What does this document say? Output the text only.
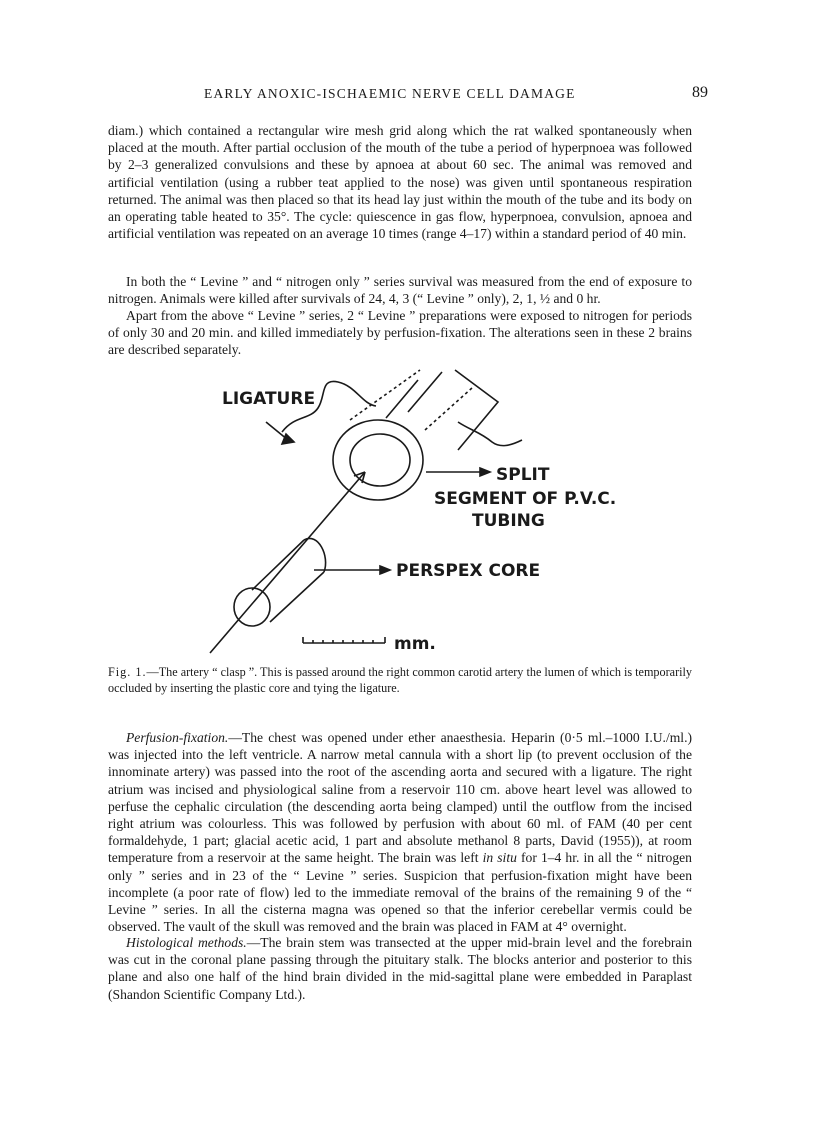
EARLY ANOXIC-ISCHAEMIC NERVE CELL DAMAGE	89

diam.) which contained a rectangular wire mesh grid along which the rat walked spontaneously when placed at the mouth. After partial occlusion of the mouth of the tube a period of hyperpnoea was followed by 2–3 generalized convulsions and these by apnoea at about 60 sec. The animal was removed and artificial ventilation (using a rubber teat applied to the nose) was given until spontaneous respiration returned. The animal was then placed so that its head lay just within the mouth of the tube and its body on an operating table heated to 35°. The cycle: quiescence in gas flow, hyperpnoea, convulsion, apnoea and artificial ventilation was repeated on an average 10 times (range 4–17) within a standard period of 40 min.

In both the “ Levine ” and “ nitrogen only ” series survival was measured from the end of exposure to nitrogen. Animals were killed after survivals of 24, 4, 3 (“ Levine ” only), 2, 1, ½ and 0 hr.

Apart from the above “ Levine ” series, 2 “ Levine ” preparations were exposed to nitrogen for periods of only 30 and 20 min. and killed immediately by perfusion-fixation. The alterations seen in these 2 brains are described separately.

LIGATURE
SPLIT
SEGMENT OF P.V.C.
TUBING
PERSPEX CORE
mm.

Fig. 1.—The artery “ clasp ”. This is passed around the right common carotid artery the lumen of which is temporarily occluded by inserting the plastic core and tying the ligature.

Perfusion-fixation.—The chest was opened under ether anaesthesia. Heparin (0·5 ml.–1000 I.U./ml.) was injected into the left ventricle. A narrow metal cannula with a short lip (to prevent occlusion of the innominate artery) was passed into the root of the ascending aorta and secured with a ligature. The right atrium was incised and physiological saline from a reservoir 110 cm. above heart level was allowed to perfuse the cephalic circulation (the descending aorta being clamped) until the outflow from the incised right atrium was colourless. This was followed by perfusion with about 60 ml. of FAM (40 per cent formaldehyde, 1 part; glacial acetic acid, 1 part and absolute methanol 8 parts, David (1955)), at room temperature from a reservoir at the same height. The brain was left in situ for 1–4 hr. in all the “ nitrogen only ” series and in 23 of the “ Levine ” series. Suspicion that perfusion-fixation might have been incomplete (a poor rate of flow) led to the immediate removal of the brains of the remaining 9 of the “ Levine ” series. In all the cisterna magna was opened so that the inferior cerebellar vermis could be observed. The vault of the skull was removed and the brain was placed in FAM at 4° overnight.

Histological methods.—The brain stem was transected at the upper mid-brain level and the forebrain was cut in the coronal plane passing through the pituitary stalk. The blocks anterior and posterior to this plane and also one half of the hind brain divided in the mid-sagittal plane were embedded in Paraplast (Shandon Scientific Company Ltd.).
